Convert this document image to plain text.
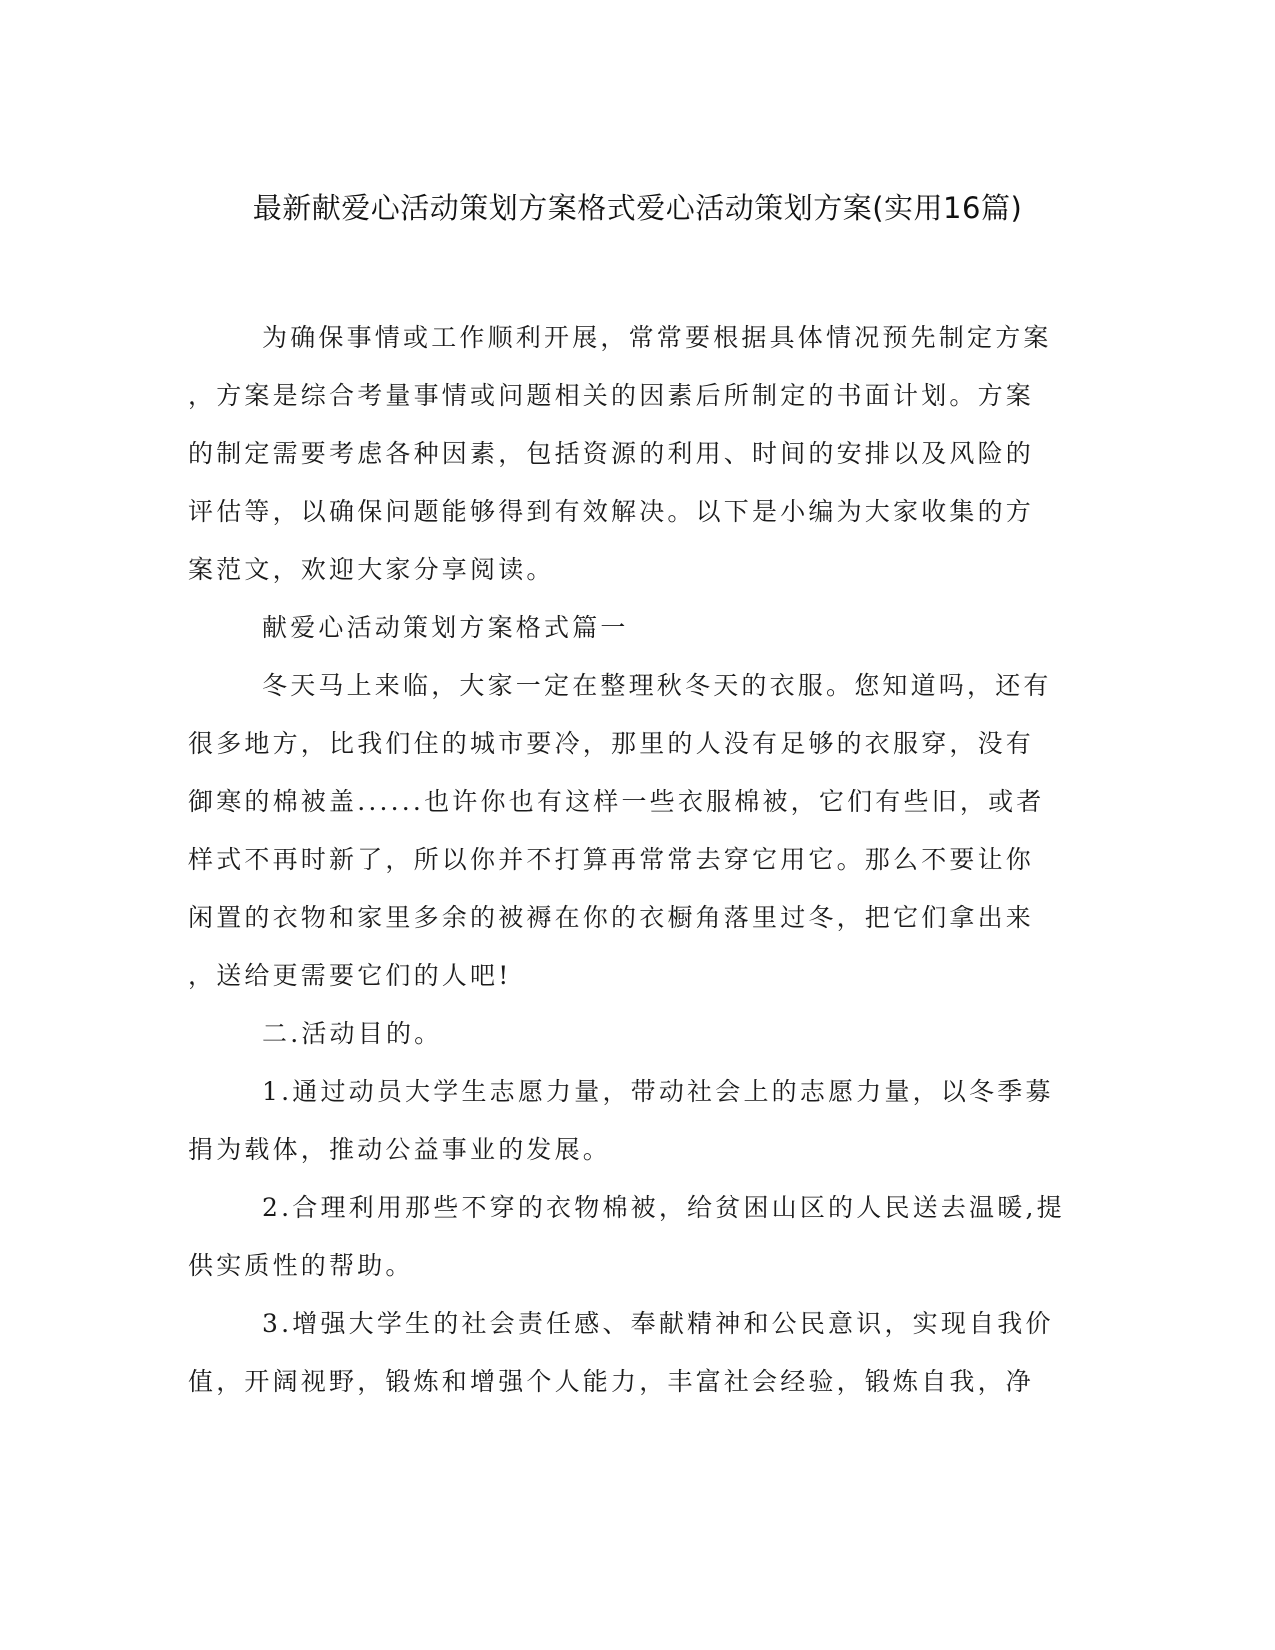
最新献爱心活动策划方案格式爱心活动策划方案(实用16篇)
为确保事情或工作顺利开展，常常要根据具体情况预先制定方案
，方案是综合考量事情或问题相关的因素后所制定的书面计划。方案
的制定需要考虑各种因素，包括资源的利用、时间的安排以及风险的
评估等，以确保问题能够得到有效解决。以下是小编为大家收集的方
案范文，欢迎大家分享阅读。
献爱心活动策划方案格式篇一
冬天马上来临，大家一定在整理秋冬天的衣服。您知道吗，还有
很多地方，比我们住的城市要冷，那里的人没有足够的衣服穿，没有
御寒的棉被盖......也许你也有这样一些衣服棉被，它们有些旧，或者
样式不再时新了，所以你并不打算再常常去穿它用它。那么不要让你
闲置的衣物和家里多余的被褥在你的衣橱角落里过冬，把它们拿出来
，送给更需要它们的人吧!
二.活动目的。
1.通过动员大学生志愿力量，带动社会上的志愿力量，以冬季募
捐为载体，推动公益事业的发展。
2.合理利用那些不穿的衣物棉被，给贫困山区的人民送去温暖,提
供实质性的帮助。
3.增强大学生的社会责任感、奉献精神和公民意识，实现自我价
值，开阔视野，锻炼和增强个人能力，丰富社会经验，锻炼自我，净
